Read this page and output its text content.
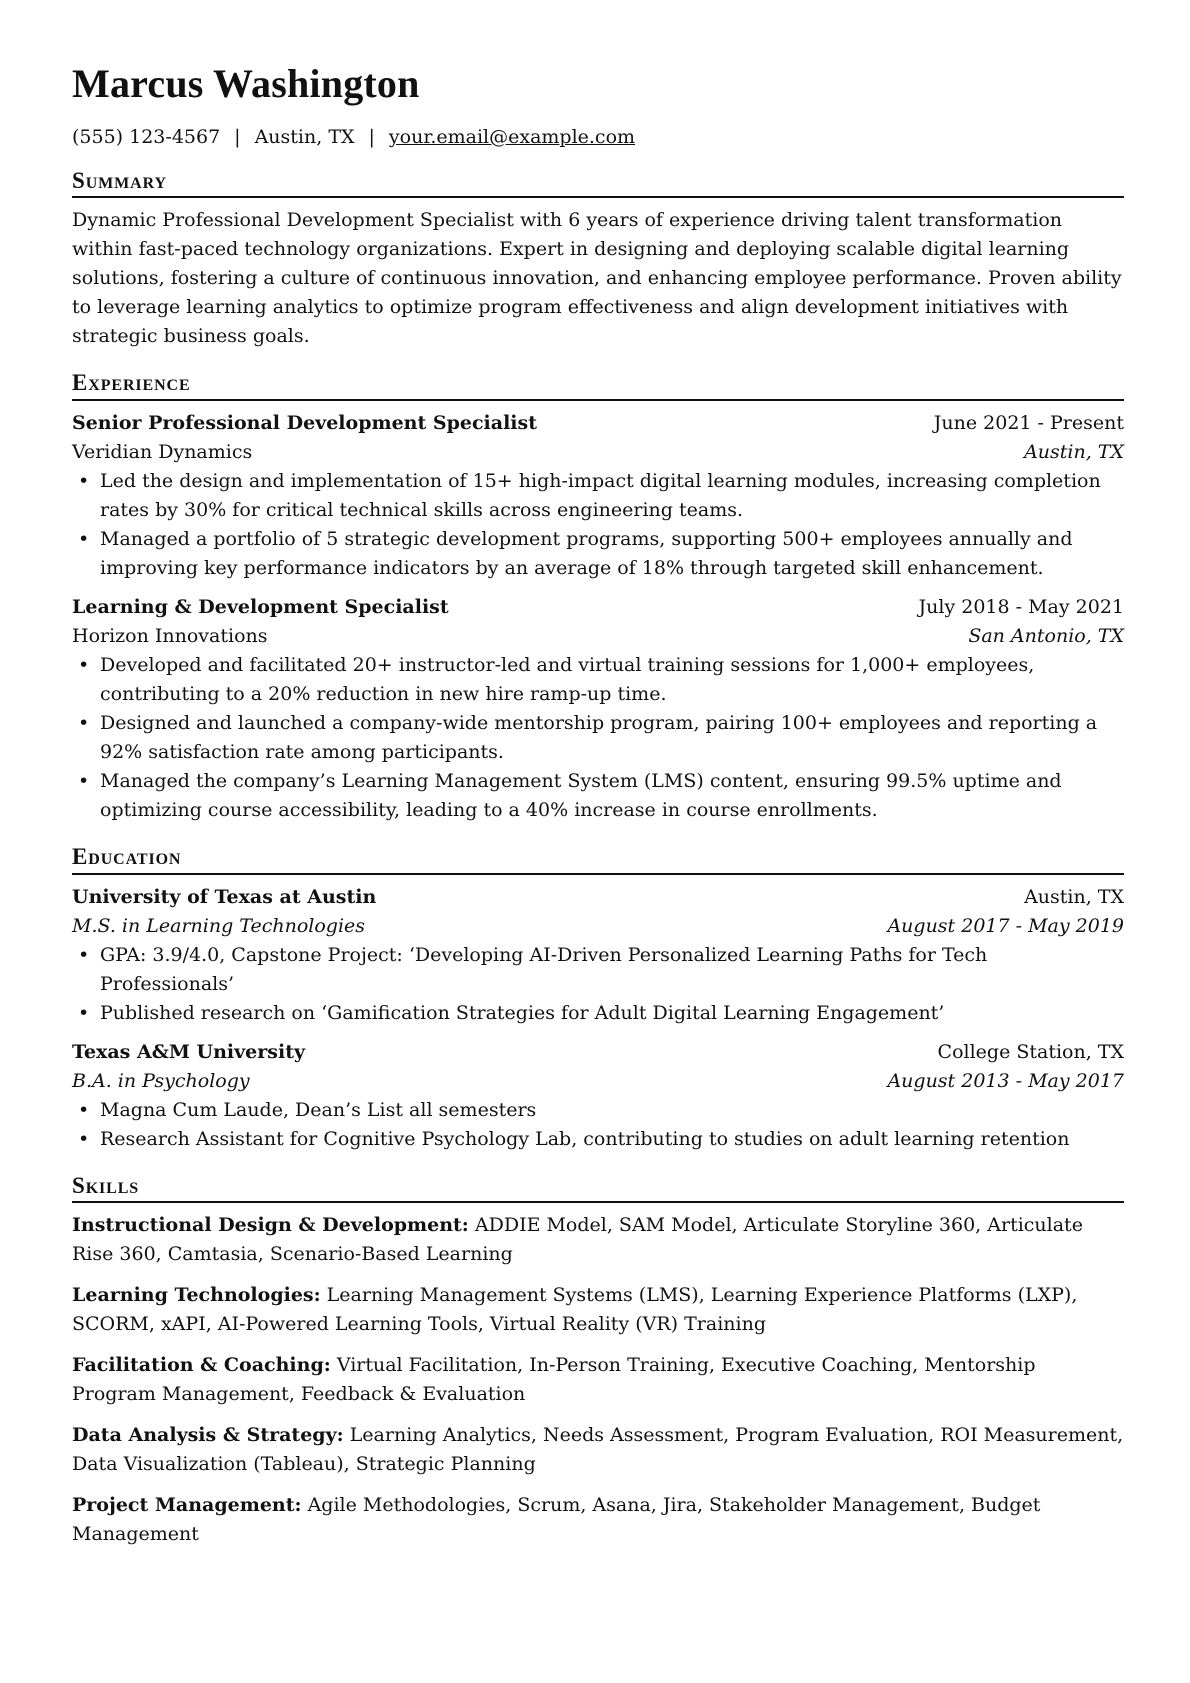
Marcus Washington
(555) 123-4567 | Austin, TX | your.email@example.com
Summary
Dynamic Professional Development Specialist with 6 years of experience driving talent transformation within fast-paced technology organizations. Expert in designing and deploying scalable digital learning solutions, fostering a culture of continuous innovation, and enhancing employee performance. Proven ability to leverage learning analytics to optimize program effectiveness and align development initiatives with strategic business goals.
Experience
Senior Professional Development Specialist	June 2021 - Present
Veridian Dynamics	Austin, TX
• Led the design and implementation of 15+ high-impact digital learning modules, increasing completion rates by 30% for critical technical skills across engineering teams.
• Managed a portfolio of 5 strategic development programs, supporting 500+ employees annually and improving key performance indicators by an average of 18% through targeted skill enhancement.
Learning & Development Specialist	July 2018 - May 2021
Horizon Innovations	San Antonio, TX
• Developed and facilitated 20+ instructor-led and virtual training sessions for 1,000+ employees, contributing to a 20% reduction in new hire ramp-up time.
• Designed and launched a company-wide mentorship program, pairing 100+ employees and reporting a 92% satisfaction rate among participants.
• Managed the company’s Learning Management System (LMS) content, ensuring 99.5% uptime and optimizing course accessibility, leading to a 40% increase in course enrollments.
Education
University of Texas at Austin	Austin, TX
M.S. in Learning Technologies	August 2017 - May 2019
• GPA: 3.9/4.0, Capstone Project: ‘Developing AI-Driven Personalized Learning Paths for Tech Professionals’
• Published research on ‘Gamification Strategies for Adult Digital Learning Engagement’
Texas A&M University	College Station, TX
B.A. in Psychology	August 2013 - May 2017
• Magna Cum Laude, Dean’s List all semesters
• Research Assistant for Cognitive Psychology Lab, contributing to studies on adult learning retention
Skills
Instructional Design & Development: ADDIE Model, SAM Model, Articulate Storyline 360, Articulate Rise 360, Camtasia, Scenario-Based Learning
Learning Technologies: Learning Management Systems (LMS), Learning Experience Platforms (LXP), SCORM, xAPI, AI-Powered Learning Tools, Virtual Reality (VR) Training
Facilitation & Coaching: Virtual Facilitation, In-Person Training, Executive Coaching, Mentorship Program Management, Feedback & Evaluation
Data Analysis & Strategy: Learning Analytics, Needs Assessment, Program Evaluation, ROI Measurement, Data Visualization (Tableau), Strategic Planning
Project Management: Agile Methodologies, Scrum, Asana, Jira, Stakeholder Management, Budget Management
